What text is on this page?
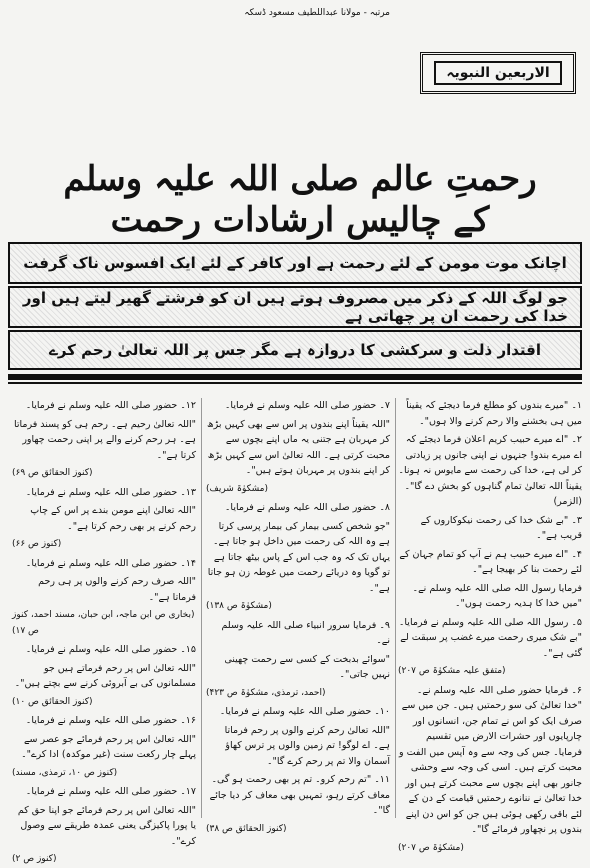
مرتبہ - مولانا عبداللطیف مسعود ڈسکہ
الاربعین النبویہ
رحمتِ عالم صلی اللہ علیہ وسلم کے چالیس ارشادات رحمت
اچانک موت مومن کے لئے رحمت ہے اور کافر کے لئے ایک افسوس ناک گرفت
جو لوگ اللہ کے ذکر میں مصروف ہوتے ہیں ان کو فرشتے گھیر لیتے ہیں اور خدا کی رحمت ان پر چھاتی ہے
اقتدار ذلت و سرکشی کا دروازہ ہے مگر جس پر اللہ تعالیٰ رحم کرے

۱۔ "میرے بندوں کو مطلع فرما دیجئے کہ یقیناً میں ہی بخشنے والا رحم کرنے والا ہوں"۔

۲۔ "اے میرے حبیب کریم اعلان فرما دیجئے کہ اے میرے بندو! جنہوں نے اپنی جانوں پر زیادتی کر لی ہے، خدا کی رحمت سے مایوس نہ ہونا۔ یقیناً اللہ تعالیٰ تمام گناہوں کو بخش دے گا"۔ (الزمر)

۳۔ "بے شک خدا کی رحمت نیکوکاروں کے قریب ہے"۔

۴۔ "اے میرے حبیب ہم نے آپ کو تمام جہان کے لئے رحمت بنا کر بھیجا ہے"۔

فرمایا رسول اللہ صلی اللہ علیہ وسلم نے۔ "میں خدا کا ہدیہ رحمت ہوں"۔

۵۔ رسول اللہ صلی اللہ علیہ وسلم نے فرمایا۔ "بے شک میری رحمت میرے غضب پر سبقت لے گئی ہے"۔

(متفق علیہ مشکوٰۃ ص ۲۰۷)

۶۔ فرمایا حضور صلی اللہ علیہ وسلم نے۔ "خدا تعالیٰ کی سو رحمتیں ہیں۔ جن میں سے صرف ایک کو اس نے تمام جن، انسانوں اور چارپایوں اور حشرات الارض میں تقسیم فرمایا۔ جس کی وجہ سے وہ آپس میں الفت و محبت کرتے ہیں۔ اسی کی وجہ سے وحشی جانور بھی اپنے بچوں سے محبت کرتے ہیں اور خدا تعالیٰ نے ننانوے رحمتیں قیامت کے دن کے لئے باقی رکھی ہوئی ہیں جن کو اس دن اپنے بندوں پر نچھاور فرمائے گا"۔

(مشکوٰۃ ص ۲۰۷)

۷۔ حضور صلی اللہ علیہ وسلم نے فرمایا۔

"اللہ یقیناً اپنے بندوں پر اس سے بھی کہیں بڑھ کر مہربان ہے جتنی یہ ماں اپنے بچوں سے محبت کرتی ہے۔ اللہ تعالیٰ اس سے کہیں بڑھ کر اپنے بندوں پر مہربان ہوتے ہیں"۔

(مشکوٰۃ شریف)

۸۔ حضور صلی اللہ علیہ وسلم نے فرمایا۔

"جو شخص کسی بیمار کی بیمار پرسی کرتا ہے وہ اللہ کی رحمت میں داخل ہو جاتا ہے۔ یہاں تک کہ وہ جب اس کے پاس بیٹھ جاتا ہے تو گویا وہ دریائے رحمت میں غوطہ زن ہو جاتا ہے"۔

(مشکوٰۃ ص ۱۳۸)

۹۔ فرمایا سرور انبیاء صلی اللہ علیہ وسلم نے۔

"سوائے بدبخت کے کسی سے رحمت چھینی نہیں جاتی"۔

(احمد، ترمذی، مشکوٰۃ ص ۴۲۳)

۱۰۔ حضور صلی اللہ علیہ وسلم نے فرمایا۔

"اللہ تعالیٰ رحم کرنے والوں پر رحم فرماتا ہے۔ اے لوگو! تم زمین والوں پر ترس کھاؤ آسمان والا تم پر رحم کرے گا"۔

۱۱۔ "تم رحم کرو۔ تم پر بھی رحمت ہو گی۔ معاف کرتے رہو، تمہیں بھی معاف کر دیا جائے گا"۔

(کنوز الحقائق ص ۳۸)

۱۲۔ حضور صلی اللہ علیہ وسلم نے فرمایا۔

"اللہ تعالیٰ رحیم ہے۔ رحم ہی کو پسند فرماتا ہے۔ ہر رحم کرنے والے پر اپنی رحمت چھاور کرتا ہے"۔

(کنوز الحقائق ص ۶۹)

۱۳۔ حضور صلی اللہ علیہ وسلم نے فرمایا۔

"اللہ تعالیٰ اپنے مومن بندے پر اس کے چاپ رحم کرنے پر بھی رحم کرتا ہے"۔

(کنوز ص ۶۶)

۱۴۔ حضور صلی اللہ علیہ وسلم نے فرمایا۔

"اللہ صرف رحم کرنے والوں پر ہی رحم فرماتا ہے"۔

(بخاری ص ابن ماجہ، ابن حبان، مسند احمد، کنوز ص ۱۷)

۱۵۔ حضور صلی اللہ علیہ وسلم نے فرمایا۔

"اللہ تعالیٰ اس پر رحم فرماتے ہیں جو مسلمانوں کی بے آبروئی کرنے سے بچتے ہیں"۔

(کنوز الحقائق ص ۱۰)

۱۶۔ حضور صلی اللہ علیہ وسلم نے فرمایا۔

"اللہ تعالیٰ اس پر رحم فرمائے جو عصر سے پہلے چار رکعت سنت (غیر موکدہ) ادا کرے"۔

(کنوز ص ۱۰، ترمذی، مسند)

۱۷۔ حضور صلی اللہ علیہ وسلم نے فرمایا۔

"اللہ تعالیٰ اس پر رحم فرمائے جو اپنا حق کم یا پورا پاکیزگی یعنی عمدہ طریقے سے وصول کرے"۔

(کنوز ص ۲)
